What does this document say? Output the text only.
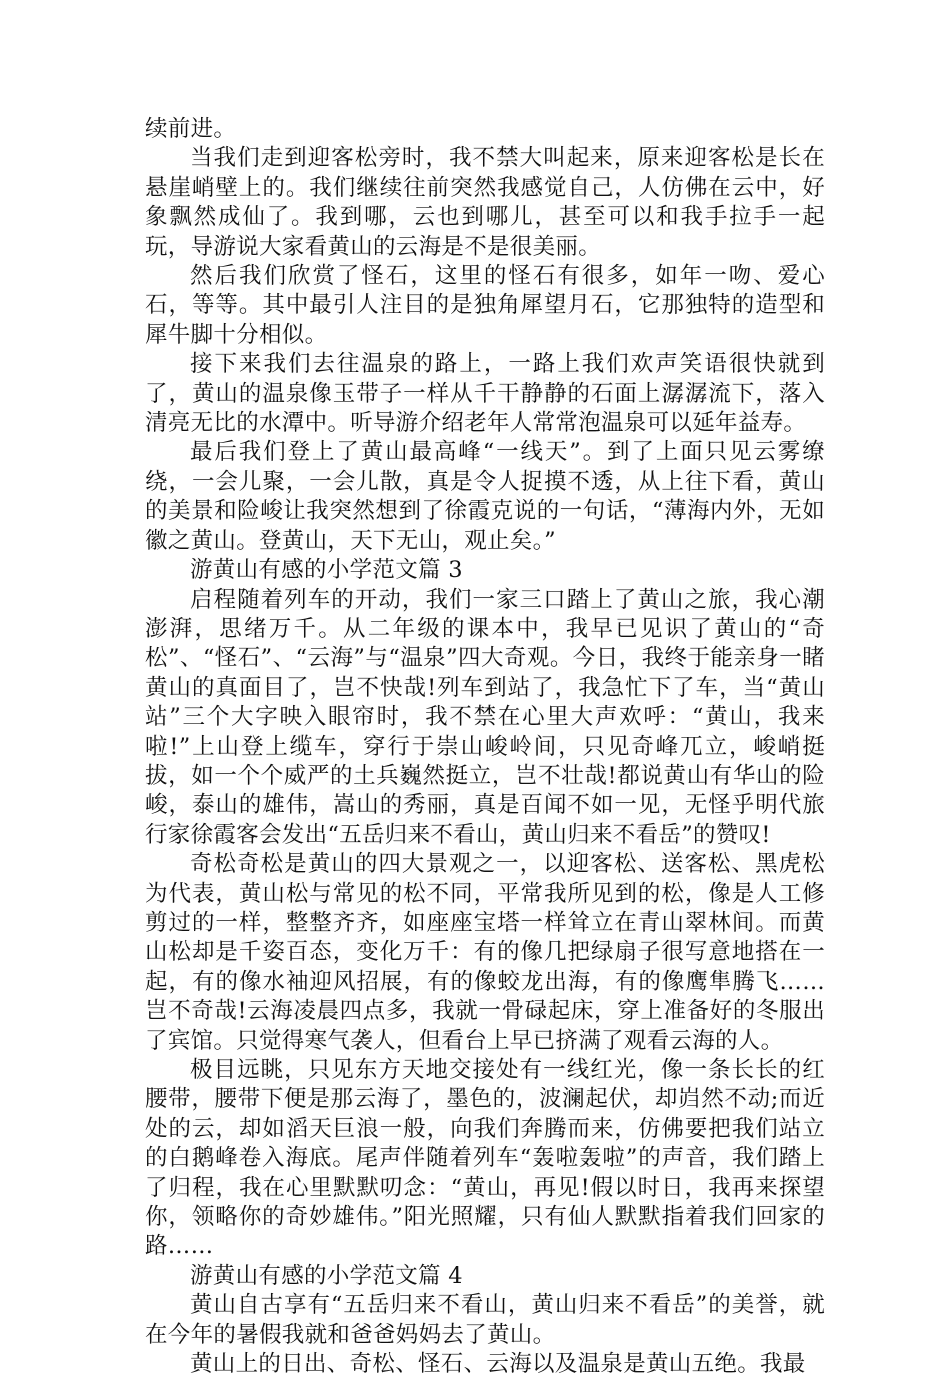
续前进。

当我们走到迎客松旁时，我不禁大叫起来，原来迎客松是长在悬崖峭壁上的。我们继续往前突然我感觉自己，人仿佛在云中，好象飘然成仙了。我到哪，云也到哪儿，甚至可以和我手拉手一起玩，导游说大家看黄山的云海是不是很美丽。

然后我们欣赏了怪石，这里的怪石有很多，如年一吻、爱心石，等等。其中最引人注目的是独角犀望月石，它那独特的造型和犀牛脚十分相似。

接下来我们去往温泉的路上，一路上我们欢声笑语很快就到了，黄山的温泉像玉带子一样从千干静静的石面上潺潺流下，落入清亮无比的水潭中。听导游介绍老年人常常泡温泉可以延年益寿。

最后我们登上了黄山最高峰“一线天”。到了上面只见云雾缭绕，一会儿聚，一会儿散，真是令人捉摸不透，从上往下看，黄山的美景和险峻让我突然想到了徐霞克说的一句话，“薄海内外，无如徽之黄山。登黄山，天下无山，观止矣。”

游黄山有感的小学范文篇 3

启程随着列车的开动，我们一家三口踏上了黄山之旅，我心潮澎湃，思绪万千。从二年级的课本中，我早已见识了黄山的“奇松”、“怪石”、“云海”与“温泉”四大奇观。今日，我终于能亲身一睹黄山的真面目了，岂不快哉!列车到站了，我急忙下了车，当“黄山站”三个大字映入眼帘时，我不禁在心里大声欢呼：“黄山，我来啦!”上山登上缆车，穿行于崇山峻岭间，只见奇峰兀立，峻峭挺拔，如一个个威严的土兵巍然挺立，岂不壮哉!都说黄山有华山的险峻，泰山的雄伟，嵩山的秀丽，真是百闻不如一见，无怪乎明代旅行家徐霞客会发出“五岳归来不看山，黄山归来不看岳”的赞叹!

奇松奇松是黄山的四大景观之一，以迎客松、送客松、黑虎松为代表，黄山松与常见的松不同，平常我所见到的松，像是人工修剪过的一样，整整齐齐，如座座宝塔一样耸立在青山翠林间。而黄山松却是千姿百态，变化万千：有的像几把绿扇子很写意地搭在一起，有的像水袖迎风招展，有的像蛟龙出海，有的像鹰隼腾飞……岂不奇哉!云海凌晨四点多，我就一骨碌起床，穿上准备好的冬服出了宾馆。只觉得寒气袭人，但看台上早已挤满了观看云海的人。

极目远眺，只见东方天地交接处有一线红光，像一条长长的红腰带，腰带下便是那云海了，墨色的，波澜起伏，却岿然不动;而近处的云，却如滔天巨浪一般，向我们奔腾而来，仿佛要把我们站立的白鹅峰卷入海底。尾声伴随着列车“轰啦轰啦”的声音，我们踏上了归程，我在心里默默叨念：“黄山，再见!假以时日，我再来探望你，领略你的奇妙雄伟。”阳光照耀，只有仙人默默指着我们回家的路……

游黄山有感的小学范文篇 4

黄山自古享有“五岳归来不看山，黄山归来不看岳”的美誉，就在今年的暑假我就和爸爸妈妈去了黄山。

黄山上的日出、奇松、怪石、云海以及温泉是黄山五绝。我最
